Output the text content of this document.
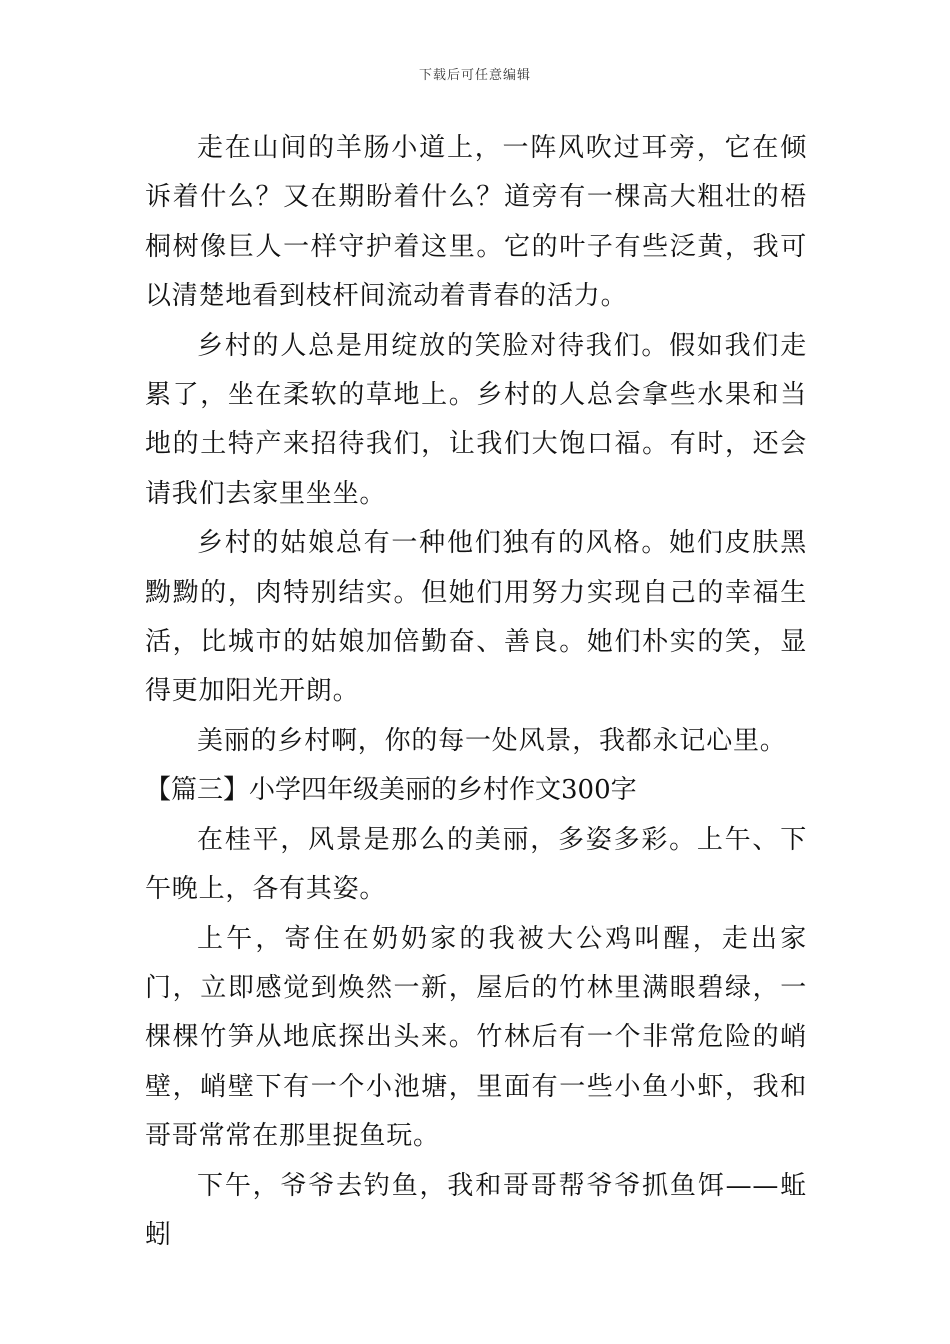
下载后可任意编辑

走在山间的羊肠小道上，一阵风吹过耳旁，它在倾诉着什么？又在期盼着什么？道旁有一棵高大粗壮的梧桐树像巨人一样守护着这里。它的叶子有些泛黄，我可以清楚地看到枝杆间流动着青春的活力。

乡村的人总是用绽放的笑脸对待我们。假如我们走累了，坐在柔软的草地上。乡村的人总会拿些水果和当地的土特产来招待我们，让我们大饱口福。有时，还会请我们去家里坐坐。

乡村的姑娘总有一种他们独有的风格。她们皮肤黑黝黝的，肉特别结实。但她们用努力实现自己的幸福生活，比城市的姑娘加倍勤奋、善良。她们朴实的笑，显得更加阳光开朗。

美丽的乡村啊，你的每一处风景，我都永记心里。

【篇三】小学四年级美丽的乡村作文300字

在桂平，风景是那么的美丽，多姿多彩。上午、下午晚上，各有其姿。

上午，寄住在奶奶家的我被大公鸡叫醒，走出家门，立即感觉到焕然一新，屋后的竹林里满眼碧绿，一棵棵竹笋从地底探出头来。竹林后有一个非常危险的峭壁，峭壁下有一个小池塘，里面有一些小鱼小虾，我和哥哥常常在那里捉鱼玩。

下午，爷爷去钓鱼，我和哥哥帮爷爷抓鱼饵——蚯蚓
